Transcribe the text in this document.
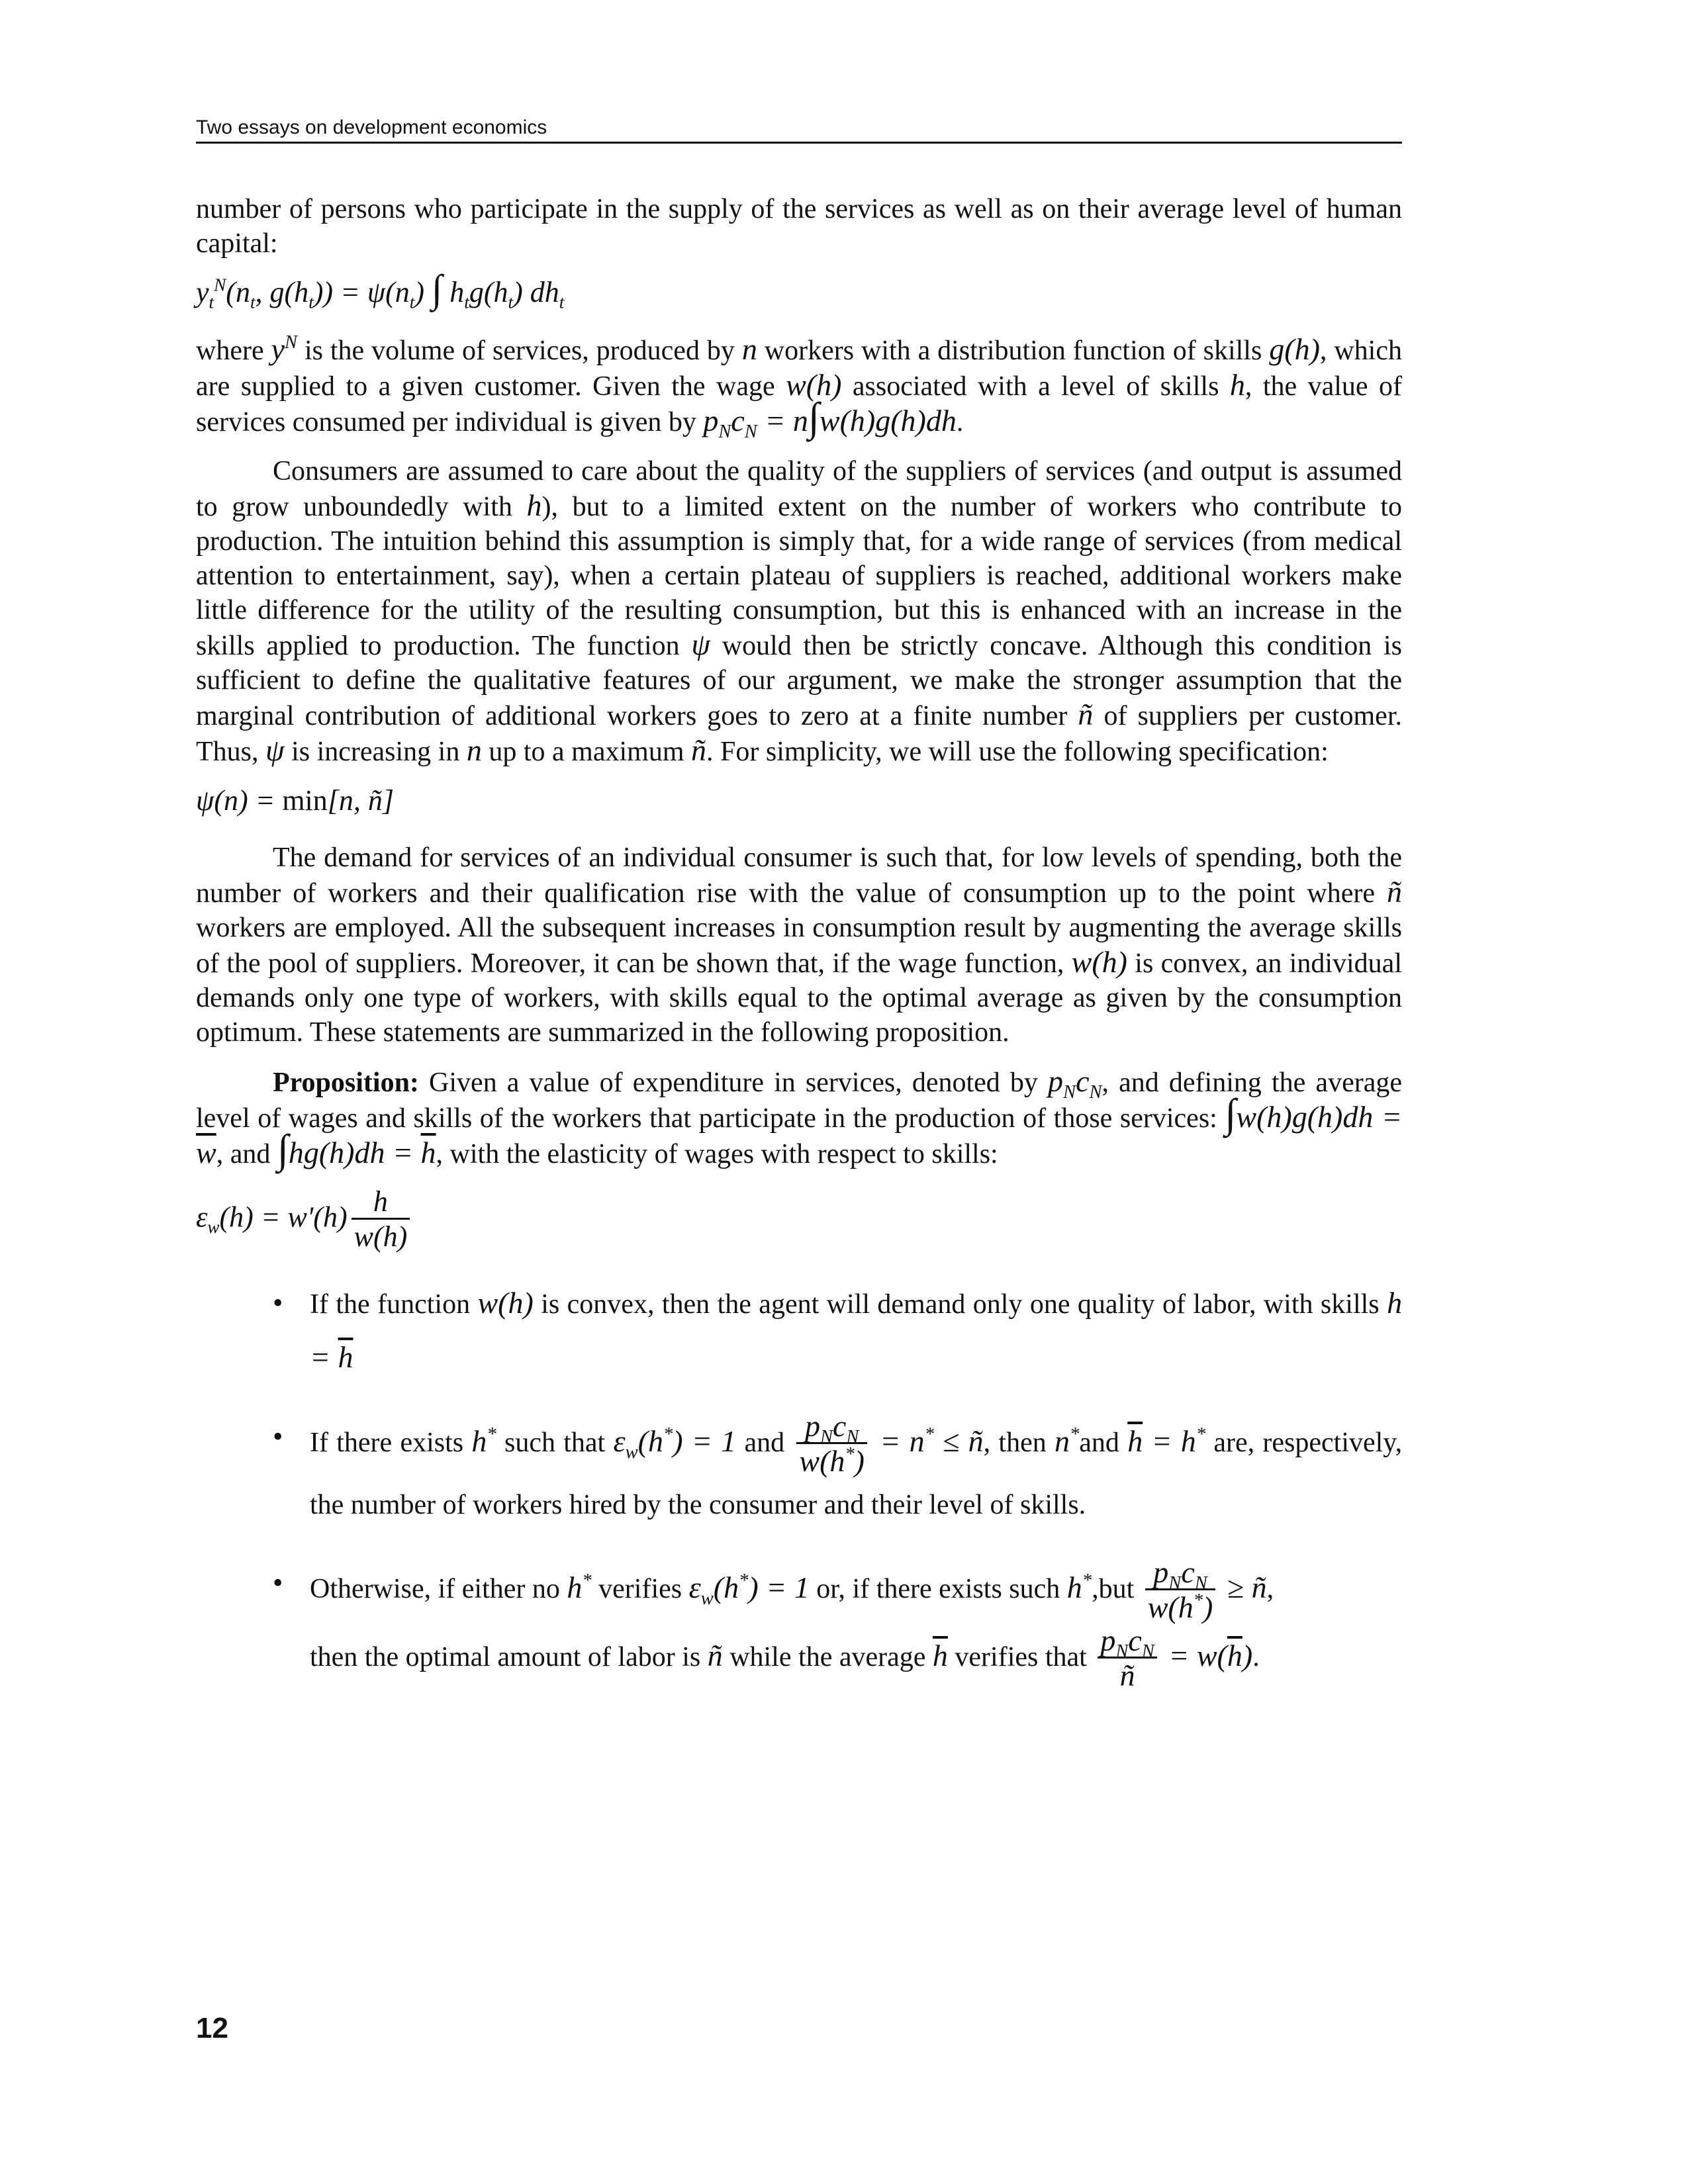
Two essays on development economics

number of persons who participate in the supply of the services as well as on their average level of human capital:

$y_t^N(n_t$, $g(h_t)) = \psi(n_t)$ ∫ $h_tg(h_t)$ $dh_t$

where $y^N$ is the volume of services, produced by n workers with a distribution function of skills g(h), which are supplied to a given customer. Given the wage w(h) associated with a level of skills h, the value of services consumed per individual is given by $p_Nc_N = n\int w(h)g(h)dh$.

Consumers are assumed to care about the quality of the suppliers of services (and output is assumed to grow unboundedly with h), but to a limited extent on the number of workers who contribute to production. The intuition behind this assumption is simply that, for a wide range of services (from medical attention to entertainment, say), when a certain plateau of suppliers is reached, additional workers make little difference for the utility of the resulting consumption, but this is enhanced with an increase in the skills applied to production. The function ψ would then be strictly concave. Although this condition is sufficient to define the qualitative features of our argument, we make the stronger assumption that the marginal contribution of additional workers goes to zero at a finite number ñ of suppliers per customer. Thus, ψ is increasing in n up to a maximum ñ. For simplicity, we will use the following specification:

ψ(n) = min[n, ñ]

The demand for services of an individual consumer is such that, for low levels of spending, both the number of workers and their qualification rise with the value of consumption up to the point where ñ workers are employed. All the subsequent increases in consumption result by augmenting the average skills of the pool of suppliers. Moreover, it can be shown that, if the wage function, w(h) is convex, an individual demands only one type of workers, with skills equal to the optimal average as given by the consumption optimum. These statements are summarized in the following proposition.

Proposition: Given a value of expenditure in services, denoted by $p_Nc_N$, and defining the average level of wages and skills of the workers that participate in the production of those services: $\int w(h)g(h)dh = \overline{w}$, and $\int hg(h)dh = \overline{h}$, with the elasticity of wages with respect to skills:

$\varepsilon_w(h) = w'(h) \frac{h}{w(h)}$
• If the function w(h) is convex, then the agent will demand only one quality of labor, with skills $h = \overline{h}$
• If there exists h* such that $\varepsilon_w(h^*) = 1$ and $\frac{p_Nc_N}{w(h^*)} = n^*$ ≤ ñ, then n*and $\overline{h} = h^*$ are, respectively, the number of workers hired by the consumer and their level of skills.
• Otherwise, if either no h* verifies $\varepsilon_w(h^*) = 1$ or, if there exists such $h^*,but \frac{p_Nc_N}{w(h^*)}$ ≥ ñ,
then the optimal amount of labor is ñ while the average $\overline{h}$ verifies that $\frac{p_Nc_N}{ñ} = w(\overline{h})$.
12
